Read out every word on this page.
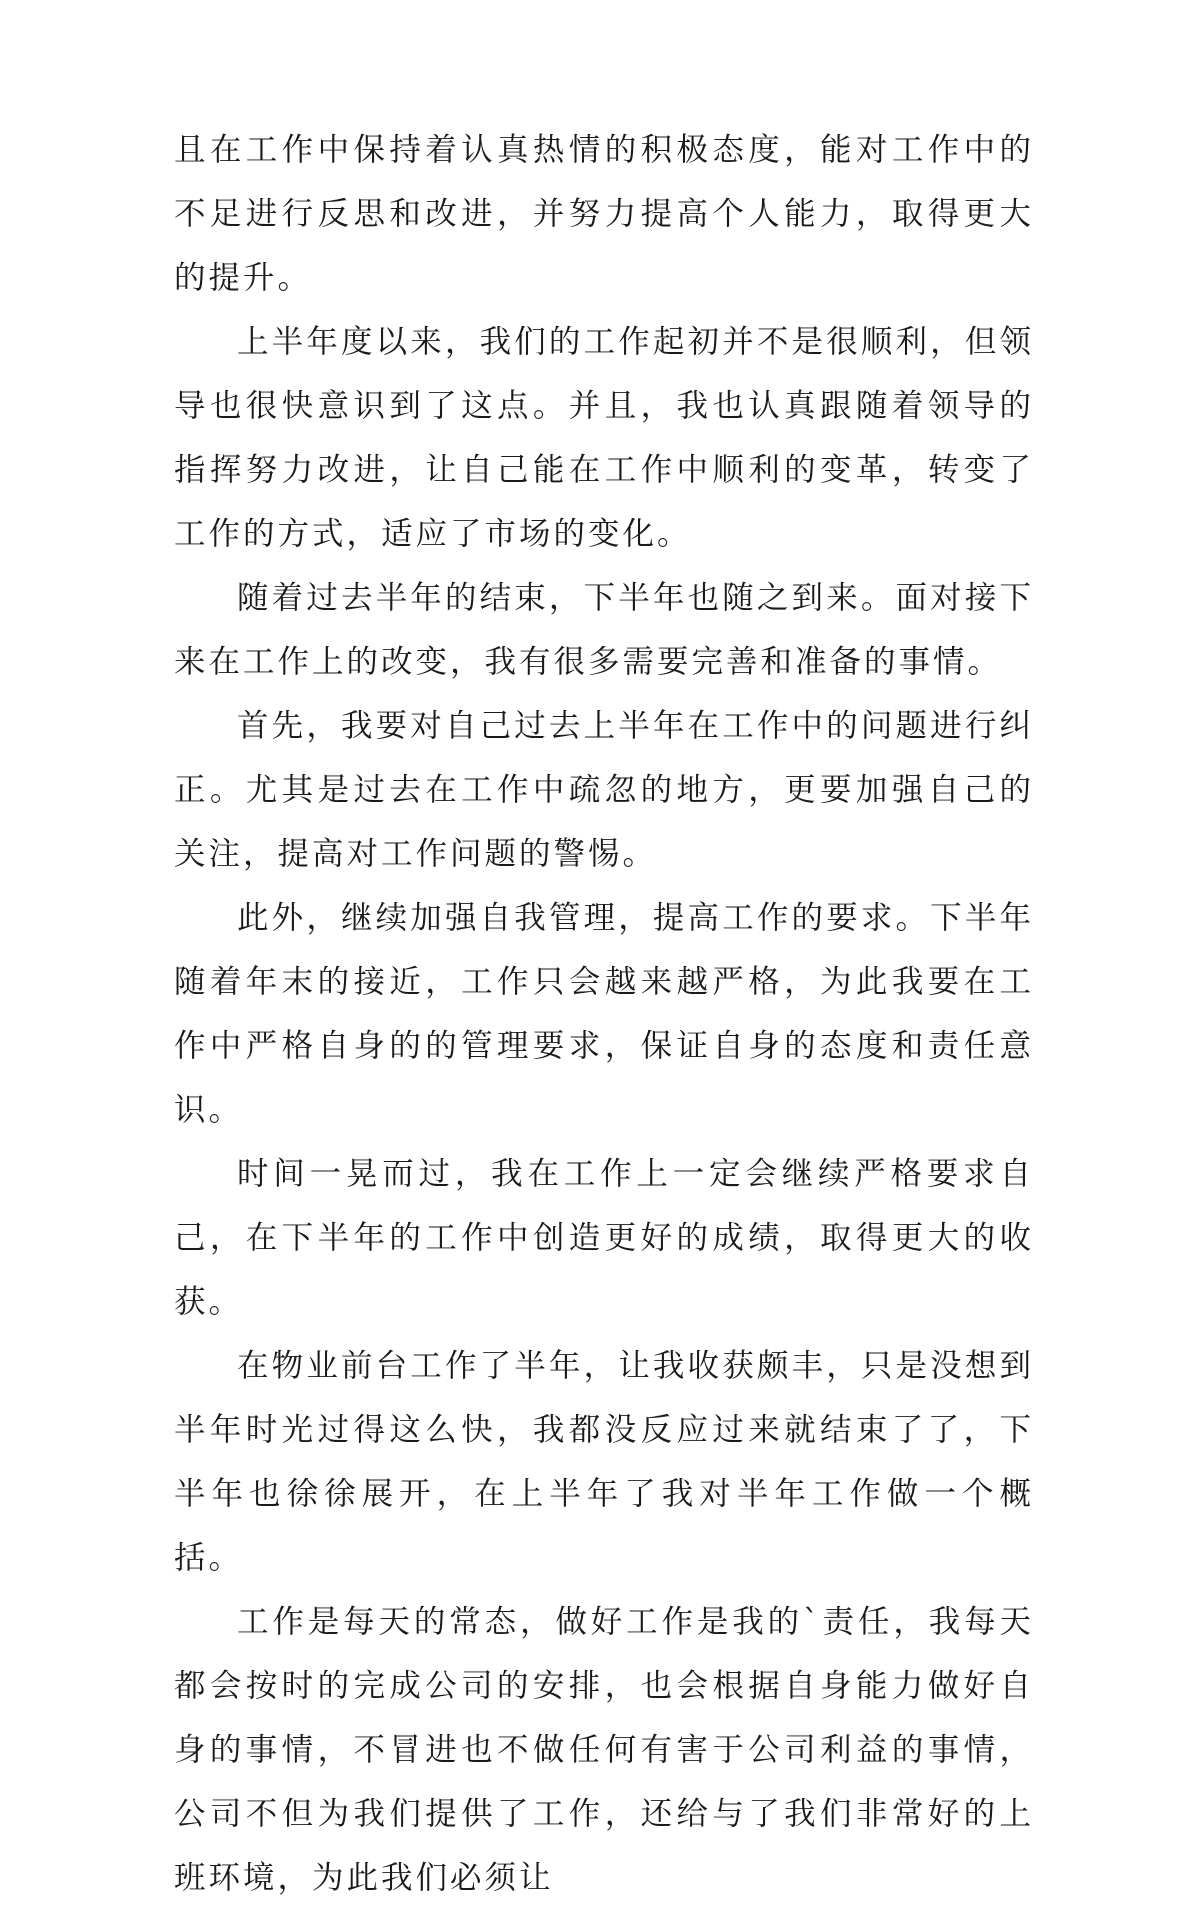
且在工作中保持着认真热情的积极态度，能对工作中的不足进行反思和改进，并努力提高个人能力，取得更大的提升。

上半年度以来，我们的工作起初并不是很顺利，但领导也很快意识到了这点。并且，我也认真跟随着领导的指挥努力改进，让自己能在工作中顺利的变革，转变了工作的方式，适应了市场的变化。

随着过去半年的结束，下半年也随之到来。面对接下来在工作上的改变，我有很多需要完善和准备的事情。

首先，我要对自己过去上半年在工作中的问题进行纠正。尤其是过去在工作中疏忽的地方，更要加强自己的关注，提高对工作问题的警惕。

此外，继续加强自我管理，提高工作的要求。下半年随着年末的接近，工作只会越来越严格，为此我要在工作中严格自身的的管理要求，保证自身的态度和责任意识。

时间一晃而过，我在工作上一定会继续严格要求自己，在下半年的工作中创造更好的成绩，取得更大的收获。

在物业前台工作了半年，让我收获颇丰，只是没想到半年时光过得这么快，我都没反应过来就结束了了，下半年也徐徐展开，在上半年了我对半年工作做一个概括。

工作是每天的常态，做好工作是我的`责任，我每天都会按时的完成公司的安排，也会根据自身能力做好自身的事情，不冒进也不做任何有害于公司利益的事情，公司不但为我们提供了工作，还给与了我们非常好的上班环境，为此我们必须让
